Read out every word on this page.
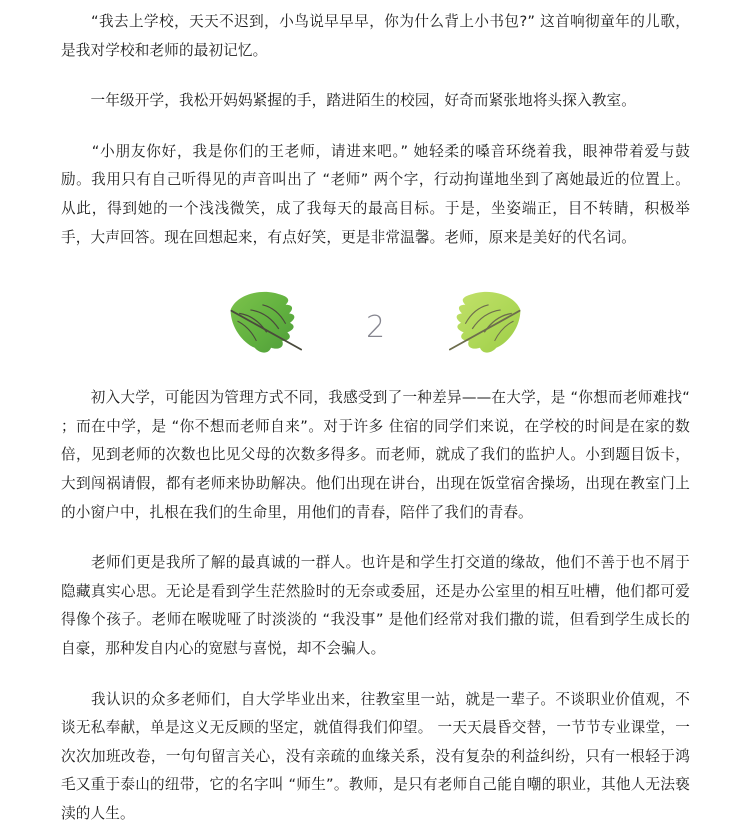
“我去上学校，天天不迟到，小鸟说早早早，你为什么背上小书包?” 这首响彻童年的儿歌，是我对学校和老师的最初记忆。

一年级开学，我松开妈妈紧握的手，踏进陌生的校园，好奇而紧张地将头探入教室。

“小朋友你好，我是你们的王老师，请进来吧。” 她轻柔的嗓音环绕着我，眼神带着爱与鼓励。我用只有自己听得见的声音叫出了 “老师” 两个字，行动拘谨地坐到了离她最近的位置上。从此，得到她的一个浅浅微笑，成了我每天的最高目标。于是，坐姿端正，目不转睛，积极举手，大声回答。现在回想起来，有点好笑，更是非常温馨。老师，原来是美好的代名词。

2

初入大学，可能因为管理方式不同，我感受到了一种差异——在大学，是 “你想而老师难找“ ；而在中学，是 “你不想而老师自来”。对于许多 住宿的同学们来说，在学校的时间是在家的数倍，见到老师的次数也比见父母的次数多得多。而老师，就成了我们的监护人。小到题目饭卡，大到闯祸请假，都有老师来协助解决。他们出现在讲台，出现在饭堂宿舍操场，出现在教室门上的小窗户中，扎根在我们的生命里，用他们的青春，陪伴了我们的青春。

老师们更是我所了解的最真诚的一群人。也许是和学生打交道的缘故，他们不善于也不屑于隐藏真实心思。无论是看到学生茫然脸时的无奈或委屈，还是办公室里的相互吐槽，他们都可爱得像个孩子。老师在喉咙哑了时淡淡的 “我没事” 是他们经常对我们撒的谎，但看到学生成长的自豪，那种发自内心的宽慰与喜悦，却不会骗人。

我认识的众多老师们，自大学毕业出来，往教室里一站，就是一辈子。不谈职业价值观，不谈无私奉献，单是这义无反顾的坚定，就值得我们仰望。 一天天晨昏交替，一节节专业课堂，一次次加班改卷，一句句留言关心，没有亲疏的血缘关系，没有复杂的利益纠纷，只有一根轻于鸿毛又重于泰山的纽带，它的名字叫 “师生”。教师，是只有老师自己能自嘲的职业，其他人无法亵渎的人生。
